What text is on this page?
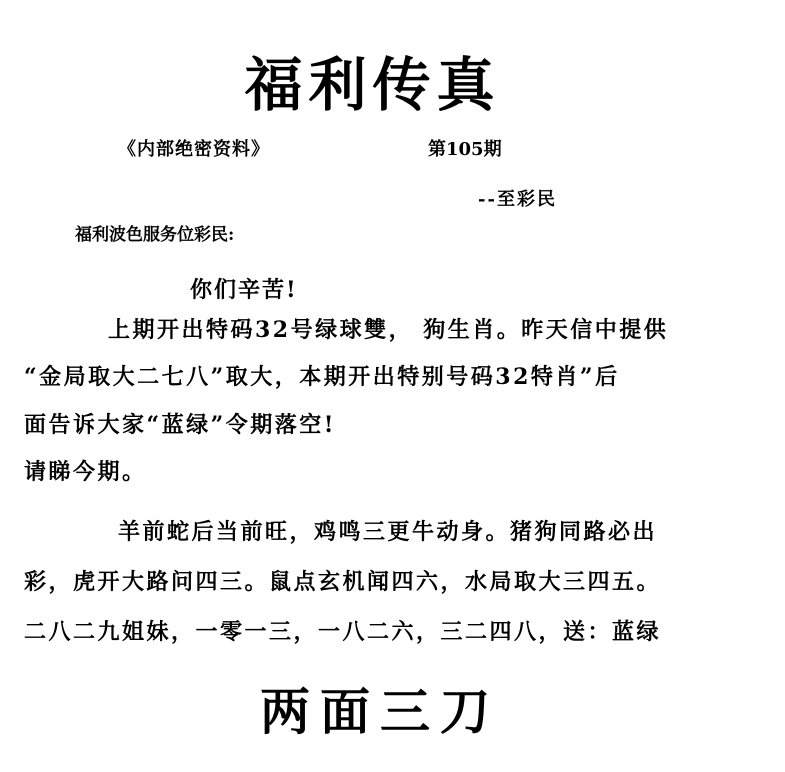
福利传真
《内部绝密资料》	第105期
--至彩民
福利波色服务位彩民:
你们辛苦!
上期开出特码32号绿球雙， 狗生肖。昨天信中提供
“金局取大二七八”取大，本期开出特别号码32特肖”后
面告诉大家“蓝绿”令期落空!
请睇今期。
羊前蛇后当前旺，鸡鸣三更牛动身。猪狗同路必出
彩，虎开大路问四三。鼠点玄机闻四六，水局取大三四五。
二八二九姐妹，一零一三，一八二六，三二四八，送：蓝绿
两面三刀
